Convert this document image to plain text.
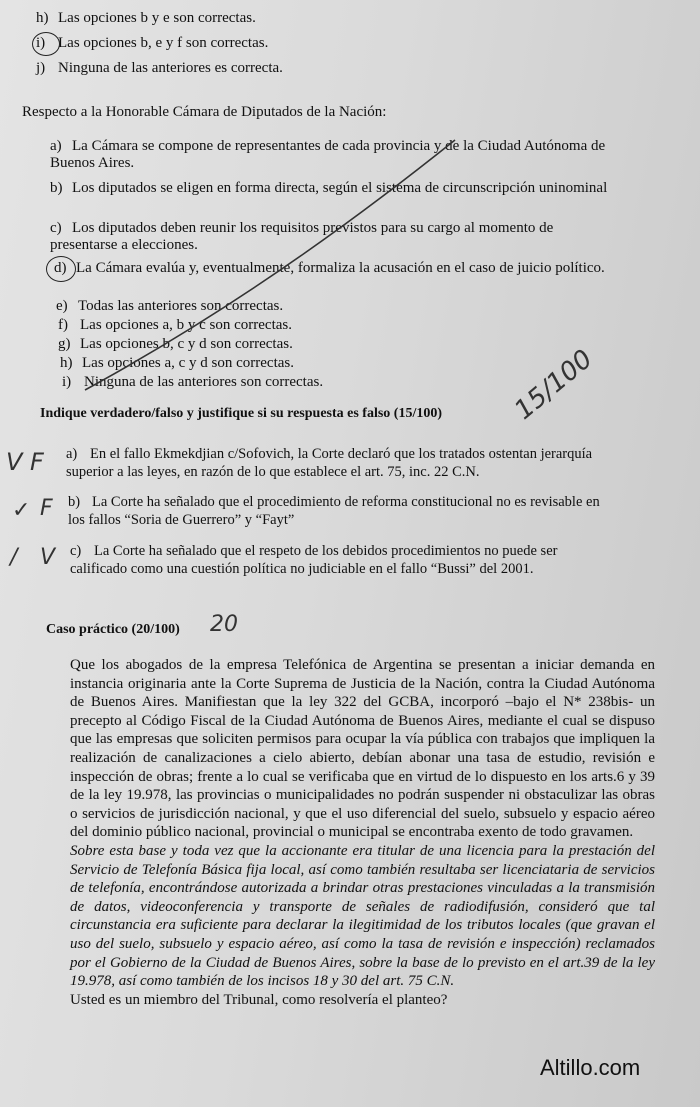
h) Las opciones b y e son correctas.
i) Las opciones b, e y f son correctas.
j) Ninguna de las anteriores es correcta.
Respecto a la Honorable Cámara de Diputados de la Nación:
a) La Cámara se compone de representantes de cada provincia y de la Ciudad Autónoma de Buenos Aires.
b) Los diputados se eligen en forma directa, según el sistema de circunscripción uninominal
c) Los diputados deben reunir los requisitos previstos para su cargo al momento de presentarse a elecciones.
d) La Cámara evalúa y, eventualmente, formaliza la acusación en el caso de juicio político.
e) Todas las anteriores son correctas.
f) Las opciones a, b y c son correctas.
g) Las opciones b, c y d son correctas.
h) Las opciones a, c y d son correctas.
i) Ninguna de las anteriores son correctas.
Indique verdadero/falso y justifique si su respuesta es falso (15/100)	15/100
V F a) En el fallo Ekmekdjian c/Sofovich, la Corte declaró que los tratados ostentan jerarquía superior a las leyes, en razón de lo que establece el art. 75, inc. 22 C.N.
✓ F b) La Corte ha señalado que el procedimiento de reforma constitucional no es revisable en los fallos “Soria de Guerrero” y “Fayt”
/ V c) La Corte ha señalado que el respeto de los debidos procedimientos no puede ser calificado como una cuestión política no judiciable en el fallo “Bussi” del 2001.
Caso práctico (20/100) 20

Que los abogados de la empresa Telefónica de Argentina se presentan a iniciar demanda en instancia originaria ante la Corte Suprema de Justicia de la Nación, contra la Ciudad Autónoma de Buenos Aires. Manifiestan que la ley 322 del GCBA, incorporó –bajo el N* 238bis- un precepto al Código Fiscal de la Ciudad Autónoma de Buenos Aires, mediante el cual se dispuso que las empresas que soliciten permisos para ocupar la vía pública con trabajos que impliquen la realización de canalizaciones a cielo abierto, debían abonar una tasa de estudio, revisión e inspección de obras; frente a lo cual se verificaba que en virtud de lo dispuesto en los arts.6 y 39 de la ley 19.978, las provincias o municipalidades no podrán suspender ni obstaculizar las obras o servicios de jurisdicción nacional, y que el uso diferencial del suelo, subsuelo y espacio aéreo del dominio público nacional, provincial o municipal se encontraba exento de todo gravamen.

Sobre esta base y toda vez que la accionante era titular de una licencia para la prestación del Servicio de Telefonía Básica fija local, así como también resultaba ser licenciataria de servicios de telefonía, encontrándose autorizada a brindar otras prestaciones vinculadas a la transmisión de datos, videoconferencia y transporte de señales de radiodifusión, consideró que tal circunstancia era suficiente para declarar la ilegitimidad de los tributos locales (que gravan el uso del suelo, subsuelo y espacio aéreo, así como la tasa de revisión e inspección) reclamados por el Gobierno de la Ciudad de Buenos Aires, sobre la base de lo previsto en el art.39 de la ley 19.978, así como también de los incisos 18 y 30 del art. 75 C.N.

Usted es un miembro del Tribunal, como resolvería el planteo?

Altillo.com
